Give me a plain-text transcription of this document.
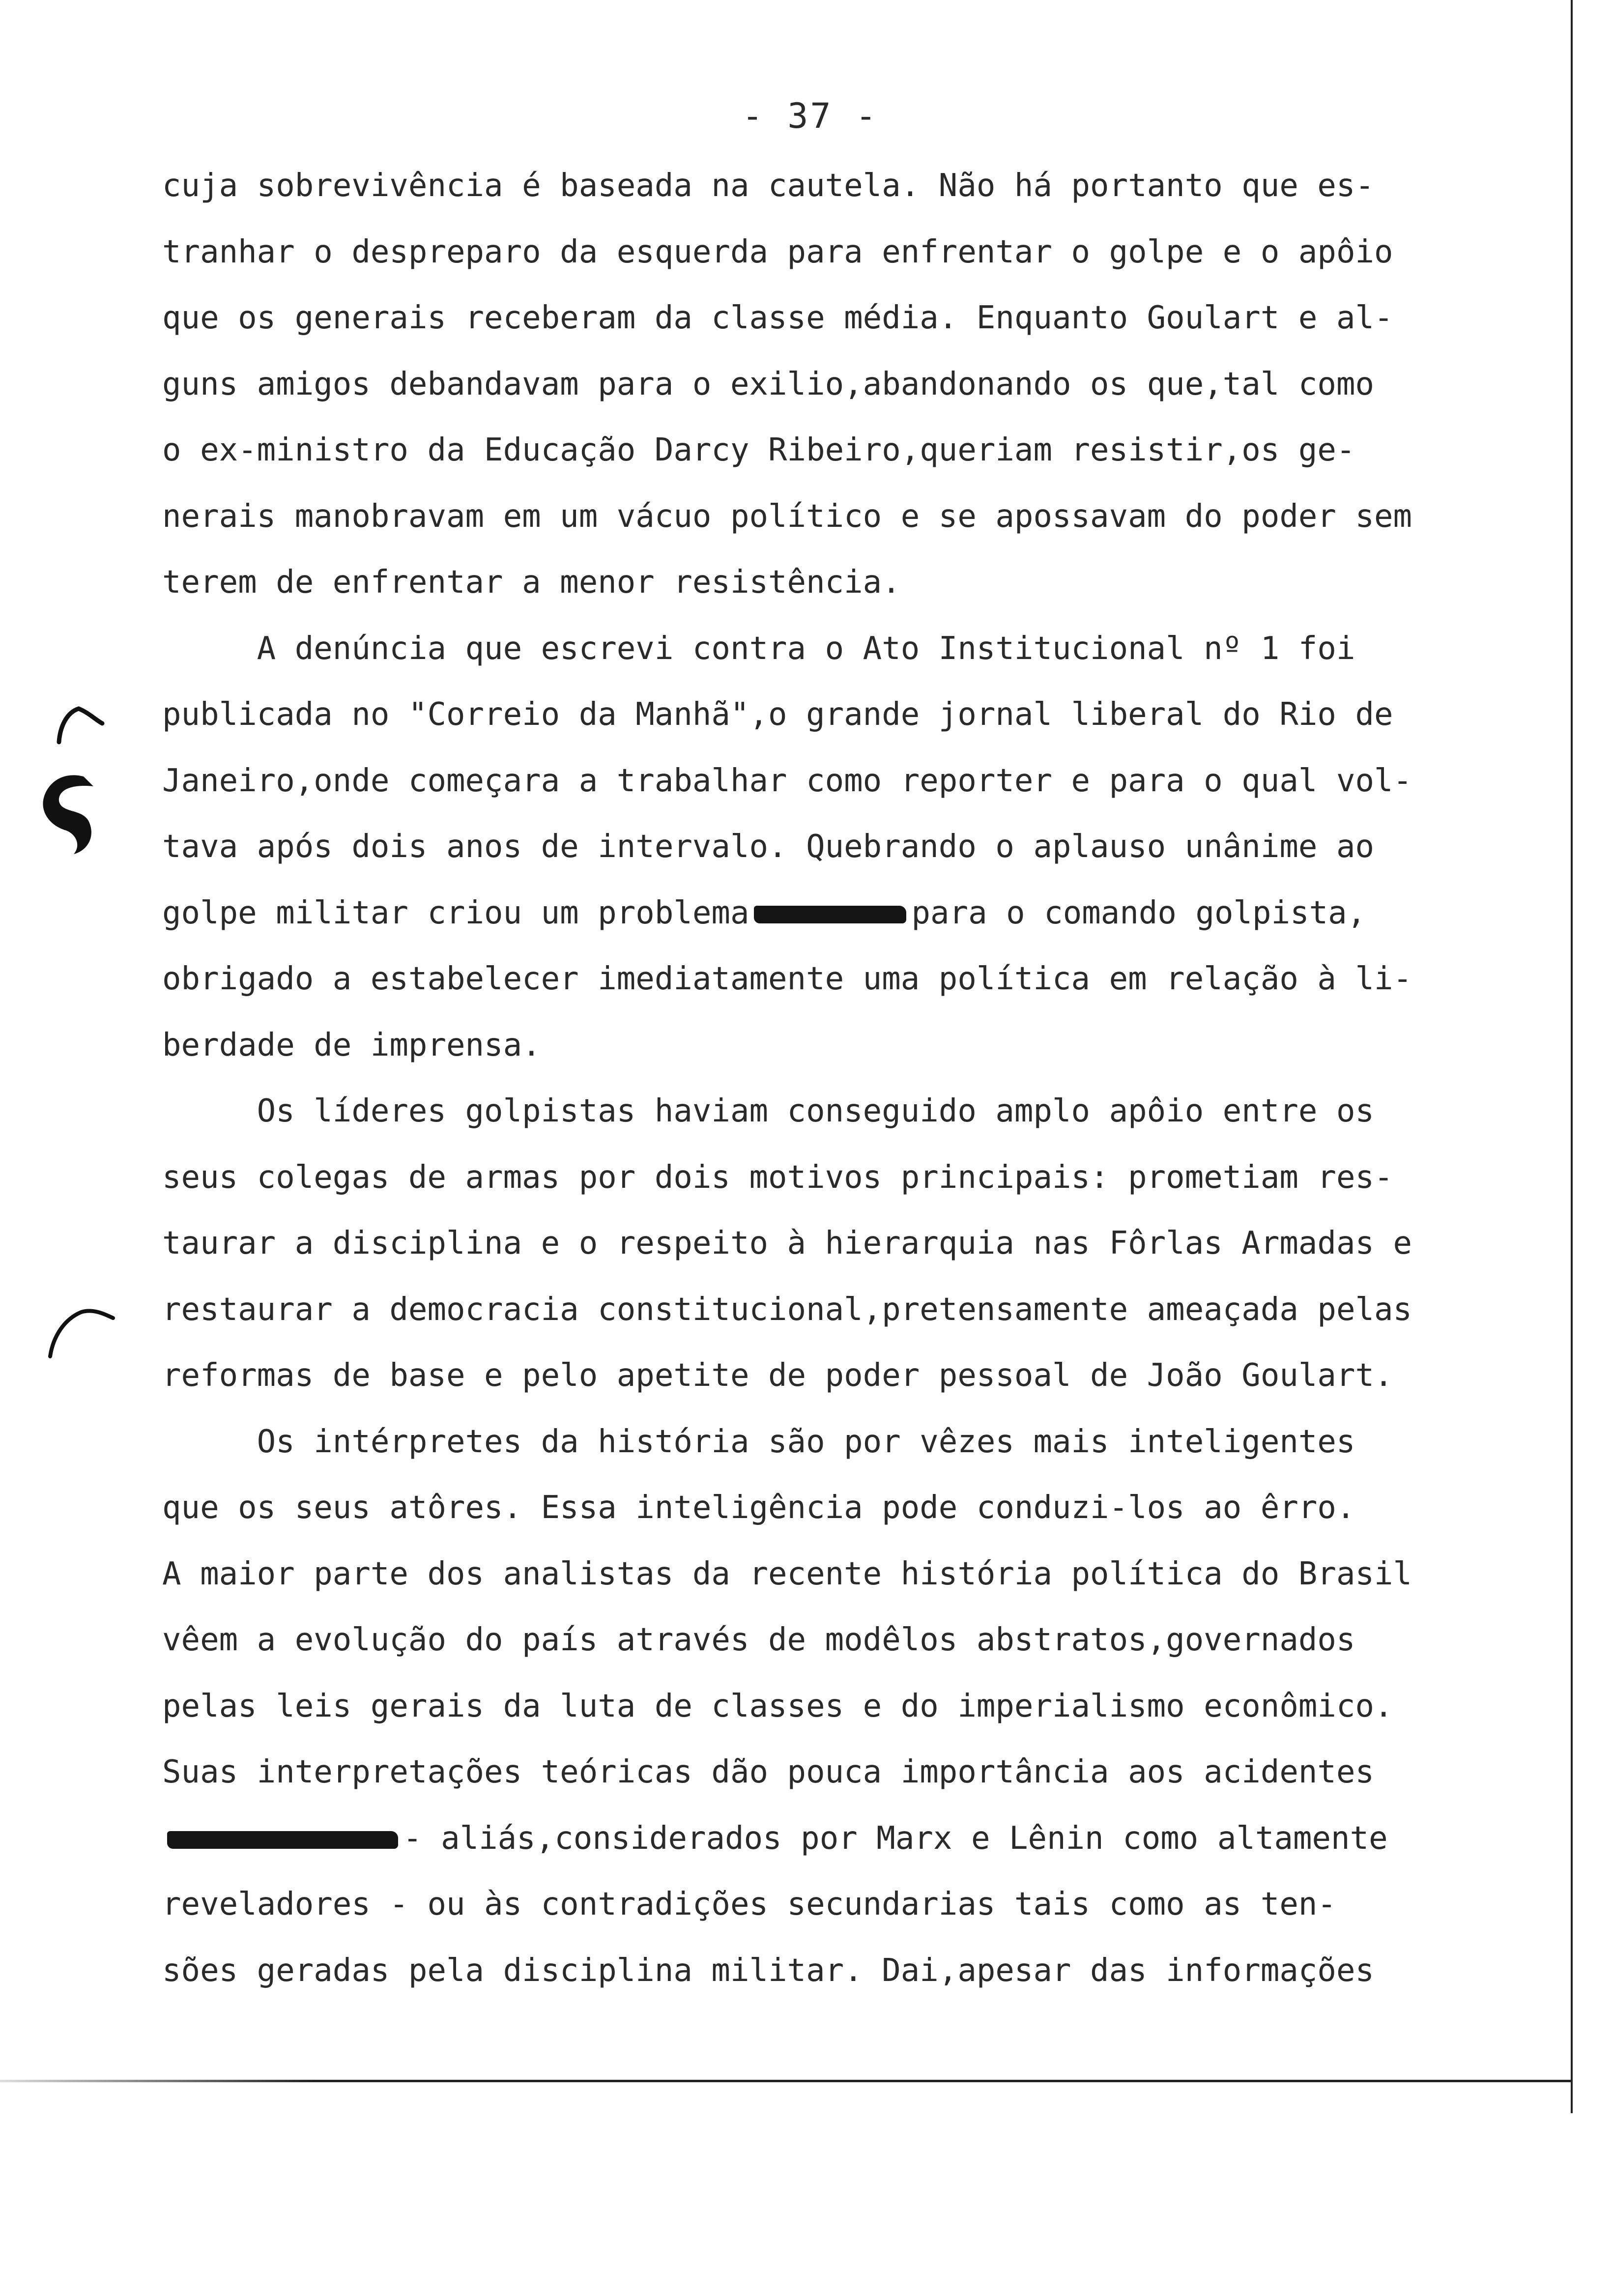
- 37 -
cuja sobrevivência é baseada na cautela. Não há portanto que es-
tranhar o despreparo da esquerda para enfrentar o golpe e o apôio
que os generais receberam da classe média. Enquanto Goulart e al-
guns amigos debandavam para o exilio,abandonando os que,tal como
o ex-ministro da Educação Darcy Ribeiro,queriam resistir,os ge-
nerais manobravam em um vácuo político e se apossavam do poder sem
terem de enfrentar a menor resistência.
A denúncia que escrevi contra o Ato Institucional nº 1 foi
publicada no "Correio da Manhã",o grande jornal liberal do Rio de
Janeiro,onde começara a trabalhar como reporter e para o qual vol-
tava após dois anos de intervalo. Quebrando o aplauso unânime ao
golpe militar criou um problema	para o comando golpista,
obrigado a estabelecer imediatamente uma política em relação à li-
berdade de imprensa.
Os líderes golpistas haviam conseguido amplo apôio entre os
seus colegas de armas por dois motivos principais: prometiam res-
taurar a disciplina e o respeito à hierarquia nas Fôrlas Armadas e
restaurar a democracia constitucional,pretensamente ameaçada pelas
reformas de base e pelo apetite de poder pessoal de João Goulart.
Os intérpretes da história são por vêzes mais inteligentes
que os seus atôres. Essa inteligência pode conduzi-los ao êrro.
A maior parte dos analistas da recente história política do Brasil
vêem a evolução do país através de modêlos abstratos,governados
pelas leis gerais da luta de classes e do imperialismo econômico.
Suas interpretações teóricas dão pouca importância aos acidentes
- aliás,considerados por Marx e Lênin como altamente
reveladores - ou às contradições secundarias tais como as ten-
sões geradas pela disciplina militar. Dai,apesar das informações
